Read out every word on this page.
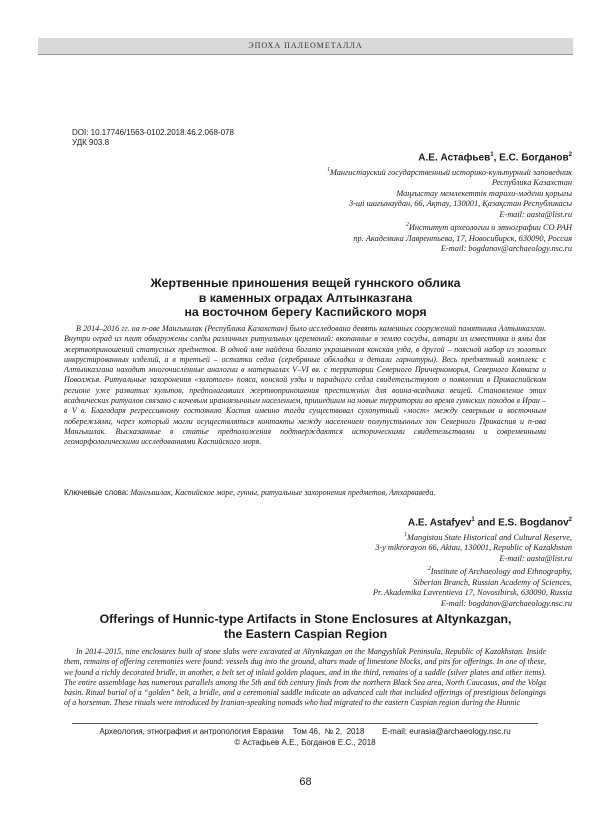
ЭПОХА ПАЛЕОМЕТАЛЛА
DOI: 10.17746/1563-0102.2018.46.2.068-078
УДК 903.8
А.Е. Астафьев$^1$, Е.С. Богданов$^2$
$^1$Мангистауский государственный историко-культурный заповедник
Республика Казахстан
Маңғыстау мемлекеттік тарихи-мәдени қорығы
3-ші шағынаудан, 66, Ақтау, 130001, Қазақстан Республикасы
E-mail: aasta@list.ru
$^2$Институт археологии и этнографии СО РАН
пр. Академика Лаврентьева, 17, Новосибирск, 630090, Россия
E-mail: bogdanov@archaeology.nsc.ru
Жертвенные приношения вещей гуннского облика
в каменных оградах Алтынказгана
на восточном берегу Каспийского моря

В 2014–2016 гг. на п-ове Мангышлак (Республика Казахстан) было исследовано девять каменных сооружений памятника Алтынказган. Внутри оград из плит обнаружены следы различных ритуальных церемоний: вкопанные в землю сосуды, алтари из известняка и ямы для жертвоприношений статусных предметов. В одной яме найдена богато украшенная конская узда, в другой – поясной набор из золотых инкрустированных изделий, а в третьей – остатки седла (серебряные обкладки и детали гарнитуры). Весь предметный комплекс с Алтынказгана находит многочисленные аналогии в материалах V–VI вв. с территории Северного Причерноморья, Северного Кавказа и Поволжья. Ритуальные захоронения «золотого» пояса, конской узды и парадного седла свидетельствуют о появлении в Прикаспийском регионе уже развитых культов, предполагавших жертвоприношения престижных для воина-всадника вещей. Становление этих всаднических ритуалов связано с кочевым ираноязычным населением, пришедшим на новые территории во время гуннских походов в Иран – в V в. Благодаря регрессивному состоянию Каспия именно тогда существовал сухопутный «мост» между северным и восточным побережьями, через который могли осуществляться контакты между населением полупустынных зон Северного Прикаспия и п-ова Мангышлак. Высказанные в статье предположения подтверждаются историческими свидетельствами и современными геоморфологическими исследованиями Каспийского моря.

Ключевые слова: Мангышлак, Каспийское море, гунны, ритуальные захоронения предметов, Атхарваведа.
A.E. Astafyev$^1$ and E.S. Bogdanov$^2$
$^1$Mangistau State Historical and Cultural Reserve,
3-y mikrorayon 66, Aktau, 130001, Republic of Kazakhstan
E-mail: aasta@list.ru
$^2$Institute of Archaeology and Ethnography,
Siberian Branch, Russian Academy of Sciences,
Pr. Akademika Lavrentieva 17, Novosibirsk, 630090, Russia
E-mail: bogdanov@archaeology.nsc.ru
Offerings of Hunnic-type Artifacts in Stone Enclosures at Altynkazgan,
the Eastern Caspian Region

In 2014–2015, nine enclosures built of stone slabs were excavated at Altynkazgan on the Mangyshlak Peninsula, Republic of Kazakhstan. Inside them, remains of offering ceremonies were found: vessels dug into the ground, altars made of limestone blocks, and pits for offerings. In one of these, we found a richly decorated bridle, in another, a belt set of inlaid golden plaques, and in the third, remains of a saddle (silver plates and other items). The entire assemblage has numerous parallels among the 5th and 6th century finds from the northern Black Sea area, North Caucasus, and the Volga basin. Ritual burial of a “golden” belt, a bridle, and a ceremonial saddle indicate an advanced cult that included offerings of prestigious belongings of a horseman. These rituals were introduced by Iranian-speaking nomads who had migrated to the eastern Caspian region during the Hunnic

Археология, этнография и антропология Евразии Том 46,  № 2,  2018 E-mail: eurasia@archaeology.nsc.ru
© Астафьев А.Е., Богданов Е.С., 2018
68
